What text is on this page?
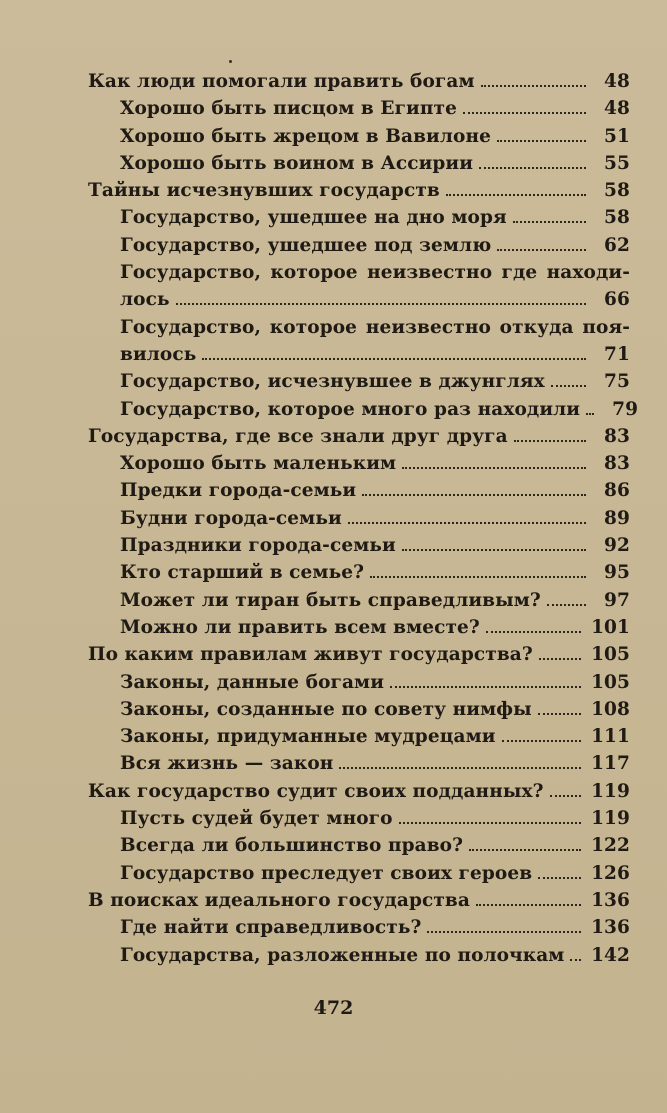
Как люди помогали править богам	48
Хорошо быть писцом в Египте	48
Хорошо быть жрецом в Вавилоне	51
Хорошо быть воином в Ассирии	55
Тайны исчезнувших государств	58
Государство, ушедшее на дно моря	58
Государство, ушедшее под землю	62
Государство, которое неизвестно где находи-
лось	66
Государство, которое неизвестно откуда поя-
вилось	71
Государство, исчезнувшее в джунглях	75
Государство, которое много раз находили	79
Государства, где все знали друг друга	83
Хорошо быть маленьким	83
Предки города-семьи	86
Будни города-семьи	89
Праздники города-семьи	92
Кто старший в семье?	95
Может ли тиран быть справедливым?	97
Можно ли править всем вместе?	101
По каким правилам живут государства?	105
Законы, данные богами	105
Законы, созданные по совету нимфы	108
Законы, придуманные мудрецами	111
Вся жизнь — закон	117
Как государство судит своих подданных?	119
Пусть судей будет много	119
Всегда ли большинство право?	122
Государство преследует своих героев	126
В поисках идеального государства	136
Где найти справедливость?	136
Государства, разложенные по полочкам 142
472
